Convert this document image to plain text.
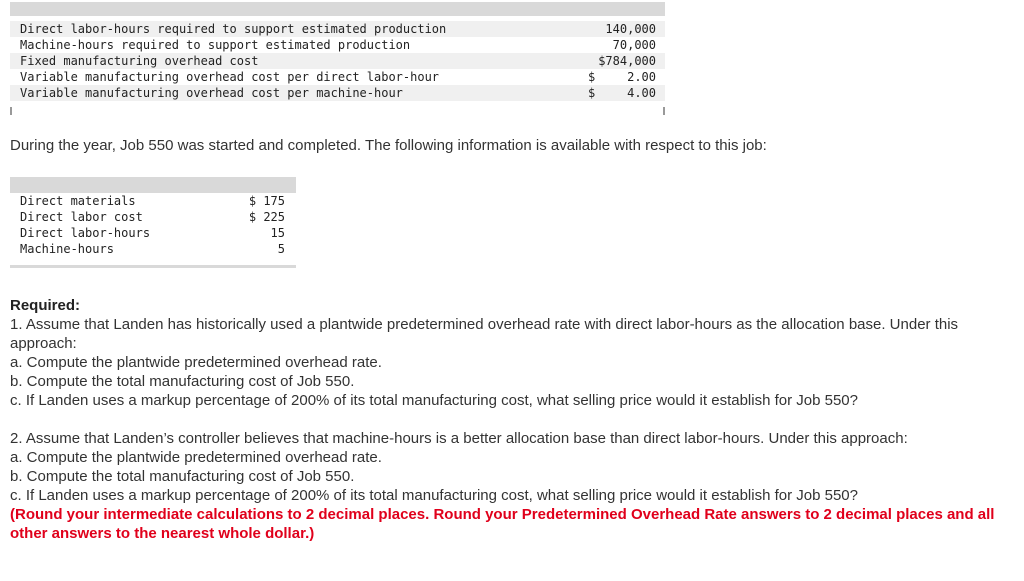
Direct labor-hours required to support estimated production	140,000
Machine-hours required to support estimated production	70,000
Fixed manufacturing overhead cost	$784,000
Variable manufacturing overhead cost per direct labor-hour	$	2.00
Variable manufacturing overhead cost per machine-hour	$	4.00
During the year, Job 550 was started and completed. The following information is available with respect to this job:
Direct materials	$ 175
Direct labor cost	$ 225
Direct labor-hours	15
Machine-hours	5

Required:

1. Assume that Landen has historically used a plantwide predetermined overhead rate with direct labor-hours as the allocation base. Under this approach:

a. Compute the plantwide predetermined overhead rate.

b. Compute the total manufacturing cost of Job 550.

c. If Landen uses a markup percentage of 200% of its total manufacturing cost, what selling price would it establish for Job 550?

2. Assume that Landen’s controller believes that machine-hours is a better allocation base than direct labor-hours. Under this approach:

a. Compute the plantwide predetermined overhead rate.

b. Compute the total manufacturing cost of Job 550.

c. If Landen uses a markup percentage of 200% of its total manufacturing cost, what selling price would it establish for Job 550?

(Round your intermediate calculations to 2 decimal places. Round your Predetermined Overhead Rate answers to 2 decimal places and all other answers to the nearest whole dollar.)
